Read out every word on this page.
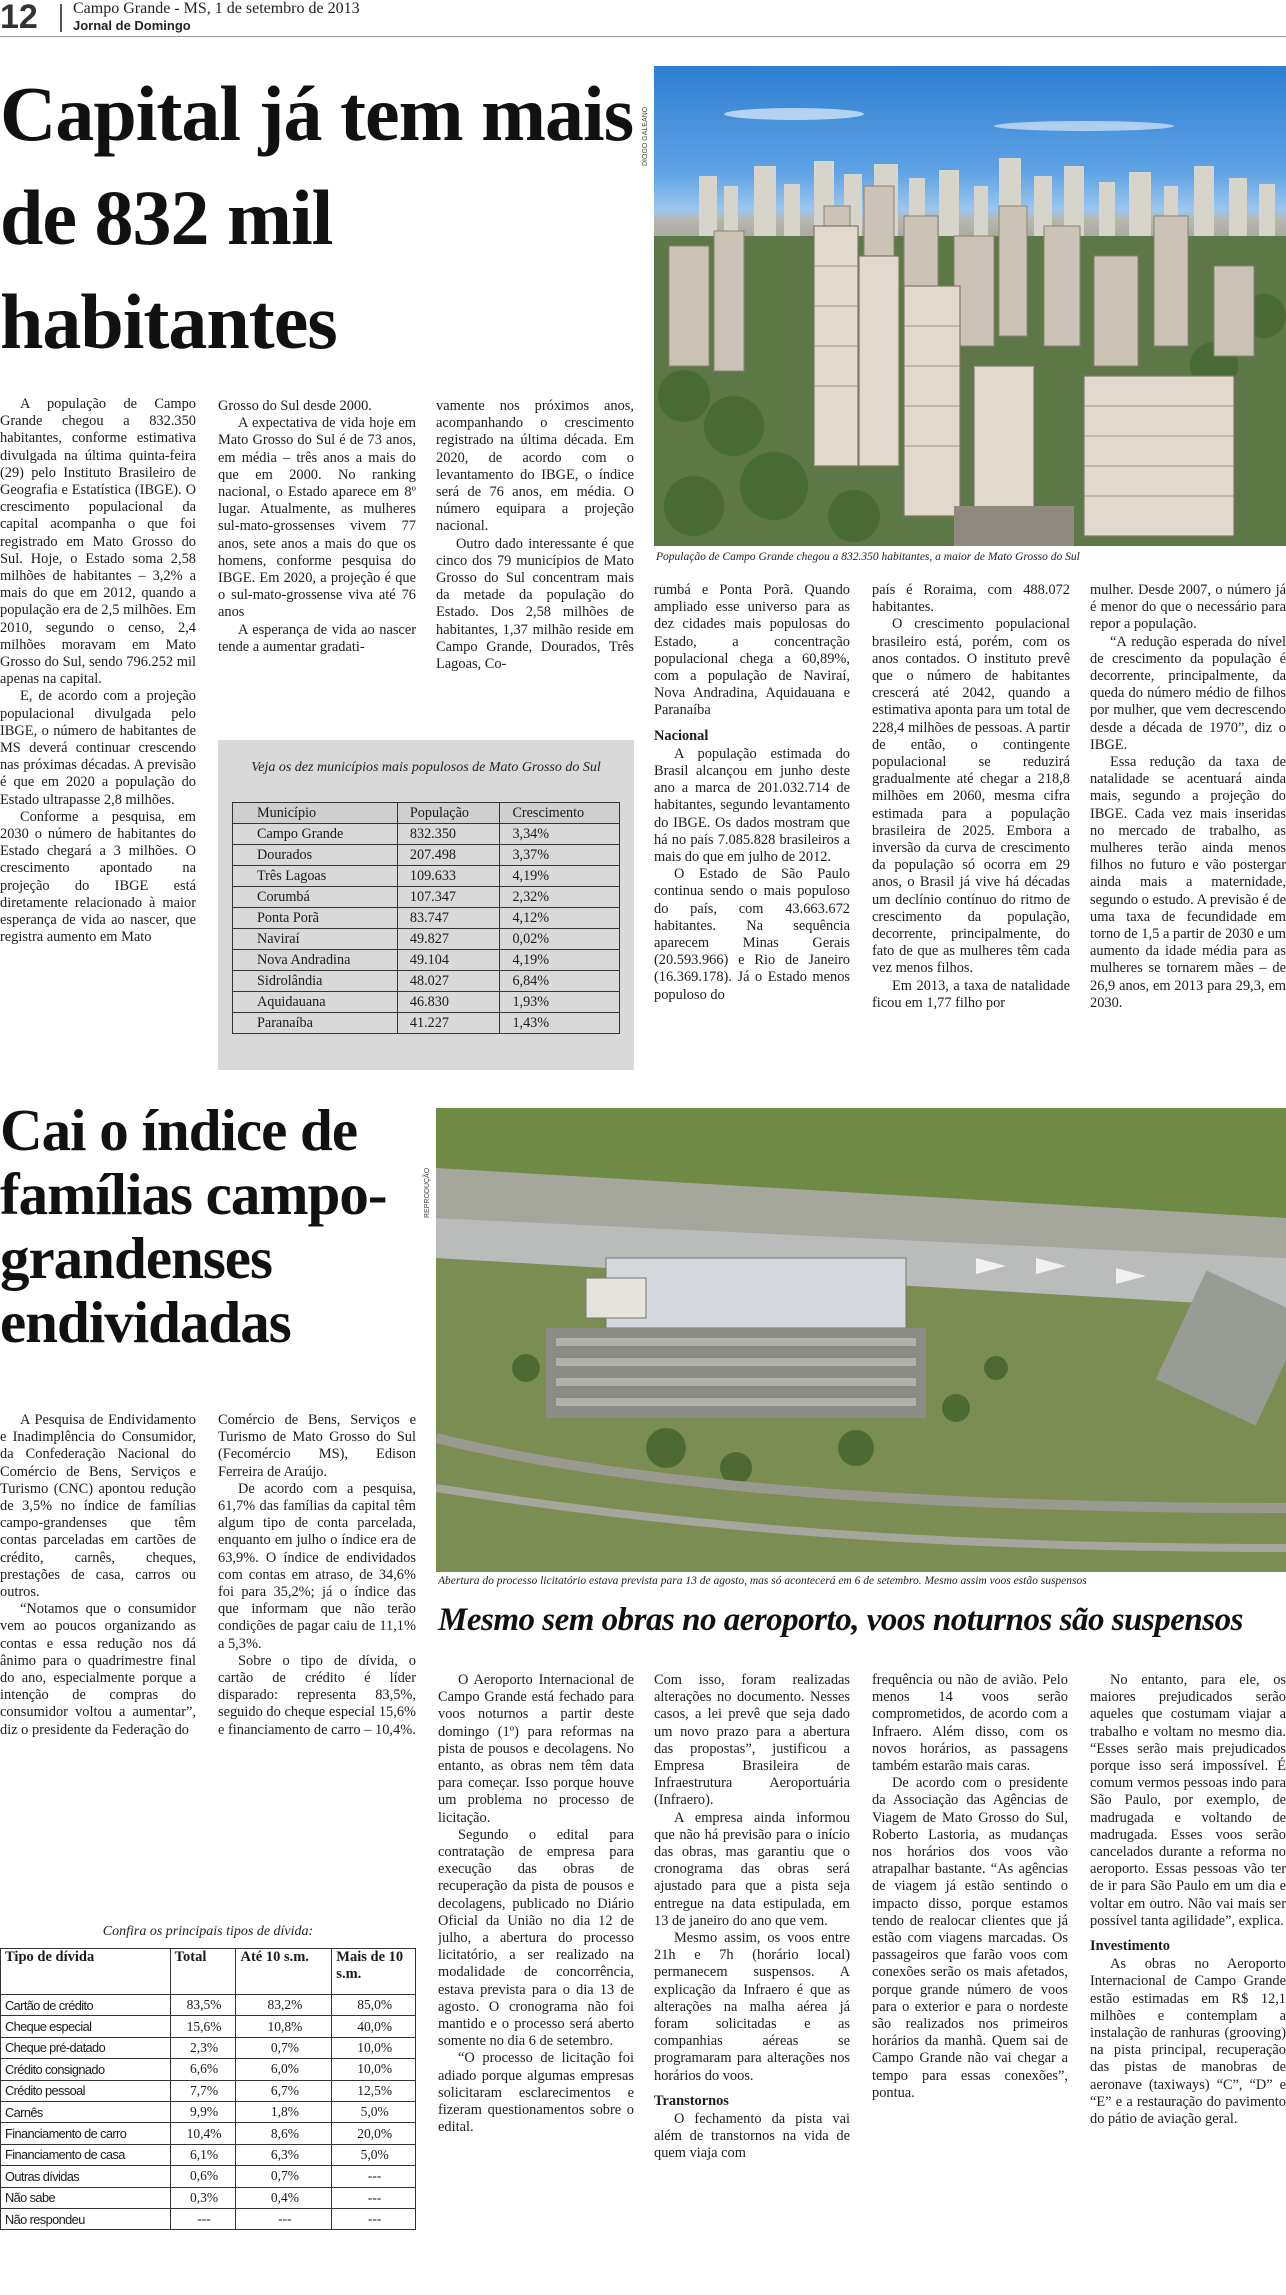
12	Campo Grande - MS, 1 de setembro de 2013
Jornal de Domingo
Capital já tem mais de 832 mil habitantes
DIOGO GALEANO
População de Campo Grande chegou a 832.350 habitantes, a maior de Mato Grosso do Sul

A população de Campo Grande chegou a 832.350 habitantes, conforme estimativa divulgada na última quinta-feira (29) pelo Instituto Brasileiro de Geografia e Estatística (IBGE). O crescimento populacional da capital acompanha o que foi registrado em Mato Grosso do Sul. Hoje, o Estado soma 2,58 milhões de habitantes – 3,2% a mais do que em 2012, quando a população era de 2,5 milhões. Em 2010, segundo o censo, 2,4 milhões moravam em Mato Grosso do Sul, sendo 796.252 mil apenas na capital.

E, de acordo com a projeção populacional divulgada pelo IBGE, o número de habitantes de MS deverá continuar crescendo nas próximas décadas. A previsão é que em 2020 a população do Estado ultrapasse 2,8 milhões.

Conforme a pesquisa, em 2030 o número de habitantes do Estado chegará a 3 milhões. O crescimento apontado na projeção do IBGE está diretamente relacionado à maior esperança de vida ao nascer, que registra aumento em Mato

Grosso do Sul desde 2000.

A expectativa de vida hoje em Mato Grosso do Sul é de 73 anos, em média – três anos a mais do que em 2000. No ranking nacional, o Estado aparece em 8º lugar. Atualmente, as mulheres sul-mato-grossenses vivem 77 anos, sete anos a mais do que os homens, conforme pesquisa do IBGE. Em 2020, a projeção é que o sul-mato-grossense viva até 76 anos

A esperança de vida ao nascer tende a aumentar gradati-

vamente nos próximos anos, acompanhando o crescimento registrado na última década. Em 2020, de acordo com o levantamento do IBGE, o índice será de 76 anos, em média. O número equipara a projeção nacional.

Outro dado interessante é que cinco dos 79 municípios de Mato Grosso do Sul concentram mais da metade da população do Estado. Dos 2,58 milhões de habitantes, 1,37 milhão reside em Campo Grande, Dourados, Três Lagoas, Co-

Veja os dez municípios mais populosos de Mato Grosso do Sul
Município	População	Crescimento
Campo Grande	832.350	3,34%
Dourados	207.498	3,37%
Três Lagoas	109.633	4,19%
Corumbá	107.347	2,32%
Ponta Porã	83.747	4,12%
Naviraí	49.827	0,02%
Nova Andradina	49.104	4,19%
Sidrolândia	48.027	6,84%
Aquidauana	46.830	1,93%
Paranaíba	41.227	1,43%

rumbá e Ponta Porã. Quando ampliado esse universo para as dez cidades mais populosas do Estado, a concentração populacional chega a 60,89%, com a população de Naviraí, Nova Andradina, Aquidauana e Paranaíba

Nacional

A população estimada do Brasil alcançou em junho deste ano a marca de 201.032.714 de habitantes, segundo levantamento do IBGE. Os dados mostram que há no país 7.085.828 brasileiros a mais do que em julho de 2012.

O Estado de São Paulo continua sendo o mais populoso do país, com 43.663.672 habitantes. Na sequência aparecem Minas Gerais (20.593.966) e Rio de Janeiro (16.369.178). Já o Estado menos populoso do

país é Roraima, com 488.072 habitantes.

O crescimento populacional brasileiro está, porém, com os anos contados. O instituto prevê que o número de habitantes crescerá até 2042, quando a estimativa aponta para um total de 228,4 milhões de pessoas. A partir de então, o contingente populacional se reduzirá gradualmente até chegar a 218,8 milhões em 2060, mesma cifra estimada para a população brasileira de 2025. Embora a inversão da curva de crescimento da população só ocorra em 29 anos, o Brasil já vive há décadas um declínio contínuo do ritmo de crescimento da população, decorrente, principalmente, do fato de que as mulheres têm cada vez menos filhos.

Em 2013, a taxa de natalidade ficou em 1,77 filho por

mulher. Desde 2007, o número já é menor do que o necessário para repor a população.

“A redução esperada do nível de crescimento da população é decorrente, principalmente, da queda do número médio de filhos por mulher, que vem decrescendo desde a década de 1970”, diz o IBGE.

Essa redução da taxa de natalidade se acentuará ainda mais, segundo a projeção do IBGE. Cada vez mais inseridas no mercado de trabalho, as mulheres terão ainda menos filhos no futuro e vão postergar ainda mais a maternidade, segundo o estudo. A previsão é de uma taxa de fecundidade em torno de 1,5 a partir de 2030 e um aumento da idade média para as mulheres se tornarem mães – de 26,9 anos, em 2013 para 29,3, em 2030.

Cai o índice de famílias campo-grandenses endividadas

A Pesquisa de Endividamento e Inadimplência do Consumidor, da Confederação Nacional do Comércio de Bens, Serviços e Turismo (CNC) apontou redução de 3,5% no índice de famílias campo-grandenses que têm contas parceladas em cartões de crédito, carnês, cheques, prestações de casa, carros ou outros.

“Notamos que o consumidor vem ao poucos organizando as contas e essa redução nos dá ânimo para o quadrimestre final do ano, especialmente porque a intenção de compras do consumidor voltou a aumentar”, diz o presidente da Federação do

Comércio de Bens, Serviços e Turismo de Mato Grosso do Sul (Fecomércio MS), Edison Ferreira de Araújo.

De acordo com a pesquisa, 61,7% das famílias da capital têm algum tipo de conta parcelada, enquanto em julho o índice era de 63,9%. O índice de endividados com contas em atraso, de 34,6% foi para 35,2%; já o índice das que informam que não terão condições de pagar caiu de 11,1% a 5,3%.

Sobre o tipo de dívida, o cartão de crédito é líder disparado: representa 83,5%, seguido do cheque especial 15,6% e financiamento de carro – 10,4%.

Confira os principais tipos de dívida:
Tipo de dívida	Total	Até 10 s.m.	Mais de 10 s.m.
Cartão de crédito	83,5%	83,2%	85,0%
Cheque especial	15,6%	10,8%	40,0%
Cheque pré-datado	2,3%	0,7%	10,0%
Crédito consignado	6,6%	6,0%	10,0%
Crédito pessoal	7,7%	6,7%	12,5%
Carnês	9,9%	1,8%	5,0%
Financiamento de carro	10,4%	8,6%	20,0%
Financiamento de casa	6,1%	6,3%	5,0%
Outras dívidas	0,6%	0,7%	---
Não sabe	0,3%	0,4%	---
Não respondeu	---	---	---
REPRODUÇÃO
Abertura do processo licitatório estava prevista para 13 de agosto, mas só acontecerá em 6 de setembro. Mesmo assim voos estão suspensos
Mesmo sem obras no aeroporto, voos noturnos são suspensos

O Aeroporto Internacional de Campo Grande está fechado para voos noturnos a partir deste domingo (1º) para reformas na pista de pousos e decolagens. No entanto, as obras nem têm data para começar. Isso porque houve um problema no processo de licitação.

Segundo o edital para contratação de empresa para execução das obras de recuperação da pista de pousos e decolagens, publicado no Diário Oficial da União no dia 12 de julho, a abertura do processo licitatório, a ser realizado na modalidade de concorrência, estava prevista para o dia 13 de agosto. O cronograma não foi mantido e o processo será aberto somente no dia 6 de setembro.

“O processo de licitação foi adiado porque algumas empresas solicitaram esclarecimentos e fizeram questionamentos sobre o edital.

Com isso, foram realizadas alterações no documento. Nesses casos, a lei prevê que seja dado um novo prazo para a abertura das propostas”, justificou a Empresa Brasileira de Infraestrutura Aeroportuária (Infraero).

A empresa ainda informou que não há previsão para o início das obras, mas garantiu que o cronograma das obras será ajustado para que a pista seja entregue na data estipulada, em 13 de janeiro do ano que vem.

Mesmo assim, os voos entre 21h e 7h (horário local) permanecem suspensos. A explicação da Infraero é que as alterações na malha aérea já foram solicitadas e as companhias aéreas se programaram para alterações nos horários do voos.

Transtornos

O fechamento da pista vai além de transtornos na vida de quem viaja com

frequência ou não de avião. Pelo menos 14 voos serão comprometidos, de acordo com a Infraero. Além disso, com os novos horários, as passagens também estarão mais caras.

De acordo com o presidente da Associação das Agências de Viagem de Mato Grosso do Sul, Roberto Lastoria, as mudanças nos horários dos voos vão atrapalhar bastante. “As agências de viagem já estão sentindo o impacto disso, porque estamos tendo de realocar clientes que já estão com viagens marcadas. Os passageiros que farão voos com conexões serão os mais afetados, porque grande número de voos para o exterior e para o nordeste são realizados nos primeiros horários da manhã. Quem sai de Campo Grande não vai chegar a tempo para essas conexões”, pontua.

No entanto, para ele, os maiores prejudicados serão aqueles que costumam viajar a trabalho e voltam no mesmo dia. “Esses serão mais prejudicados porque isso será impossível. É comum vermos pessoas indo para São Paulo, por exemplo, de madrugada e voltando de madrugada. Esses voos serão cancelados durante a reforma no aeroporto. Essas pessoas vão ter de ir para São Paulo em um dia e voltar em outro. Não vai mais ser possível tanta agilidade”, explica.

Investimento

As obras no Aeroporto Internacional de Campo Grande estão estimadas em R$ 12,1 milhões e contemplam a instalação de ranhuras (grooving) na pista principal, recuperação das pistas de manobras de aeronave (taxiways) “C”, “D” e “E” e a restauração do pavimento do pátio de aviação geral.
